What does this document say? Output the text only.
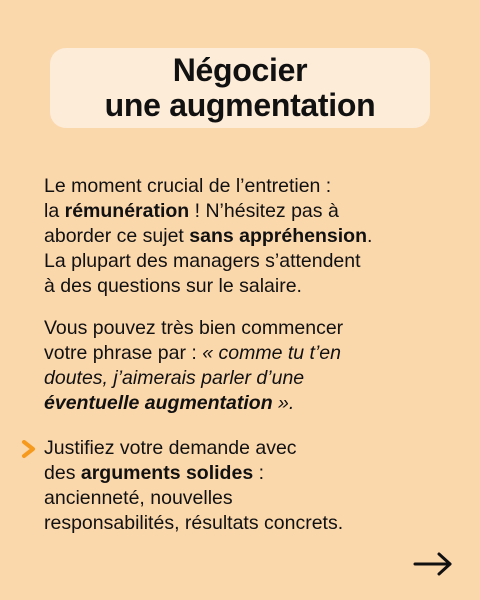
Négocier
une augmentation

Le moment crucial de l’entretien :
la rémunération ! N’hésitez pas à
aborder ce sujet sans appréhension.
La plupart des managers s’attendent
à des questions sur le salaire.

Vous pouvez très bien commencer
votre phrase par : « comme tu t’en
doutes, j’aimerais parler d’une
éventuelle augmentation ».

Justifiez votre demande avec
des arguments solides :
ancienneté, nouvelles
responsabilités, résultats concrets.
